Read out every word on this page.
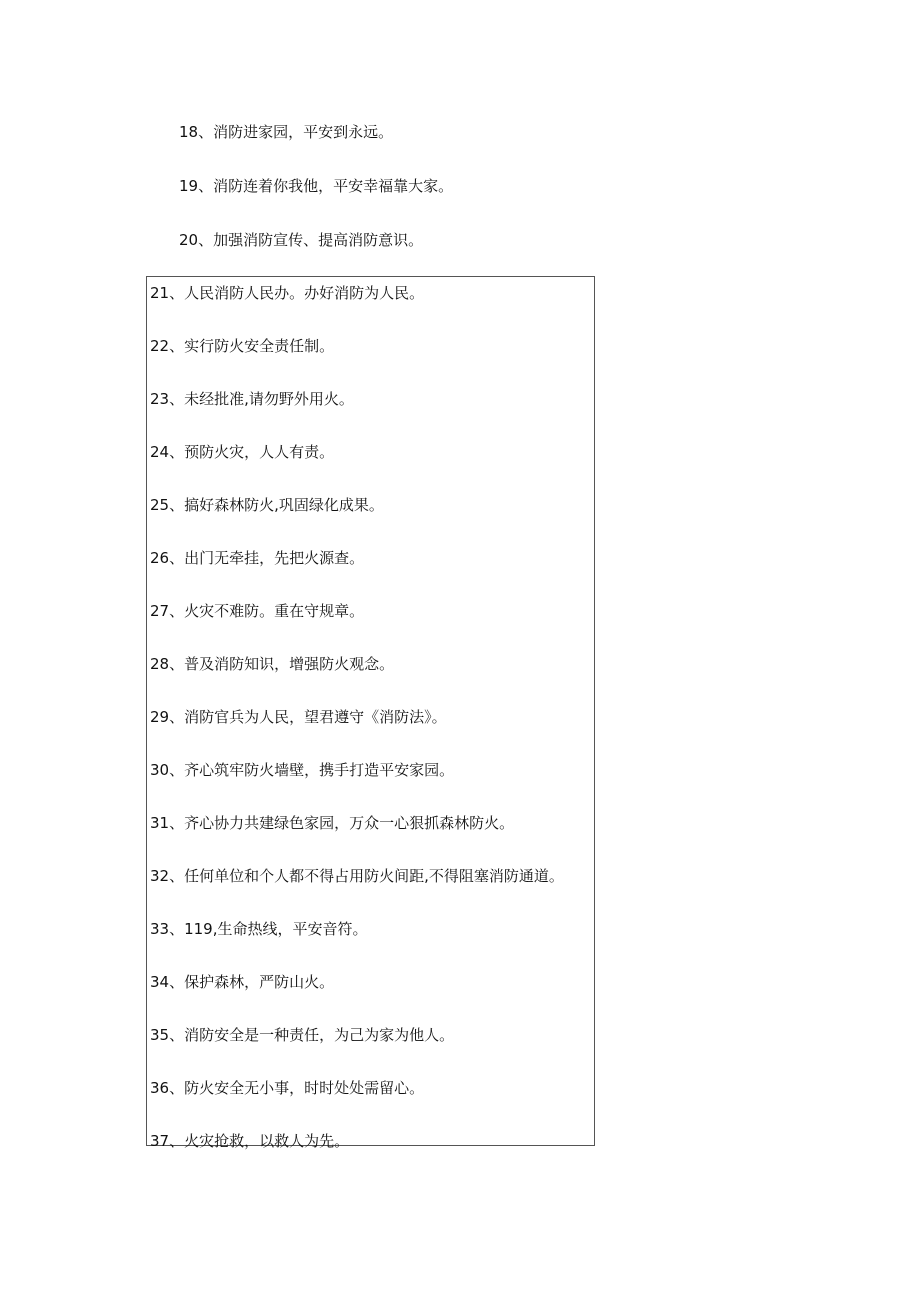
18、消防进家园，平安到永远。
19、消防连着你我他，平安幸福靠大家。
20、加强消防宣传、提高消防意识。
21、人民消防人民办。办好消防为人民。
22、实行防火安全责任制。
23、未经批准,请勿野外用火。
24、预防火灾，人人有责。
25、搞好森林防火,巩固绿化成果。
26、出门无牵挂，先把火源查。
27、火灾不难防。重在守规章。
28、普及消防知识，增强防火观念。
29、消防官兵为人民，望君遵守《消防法》。
30、齐心筑牢防火墙壁，携手打造平安家园。
31、齐心协力共建绿色家园，万众一心狠抓森林防火。
32、任何单位和个人都不得占用防火间距,不得阻塞消防通道。
33、119,生命热线，平安音符。
34、保护森林，严防山火。
35、消防安全是一种责任，为己为家为他人。
36、防火安全无小事，时时处处需留心。
37、火灾抢救，以救人为先。
